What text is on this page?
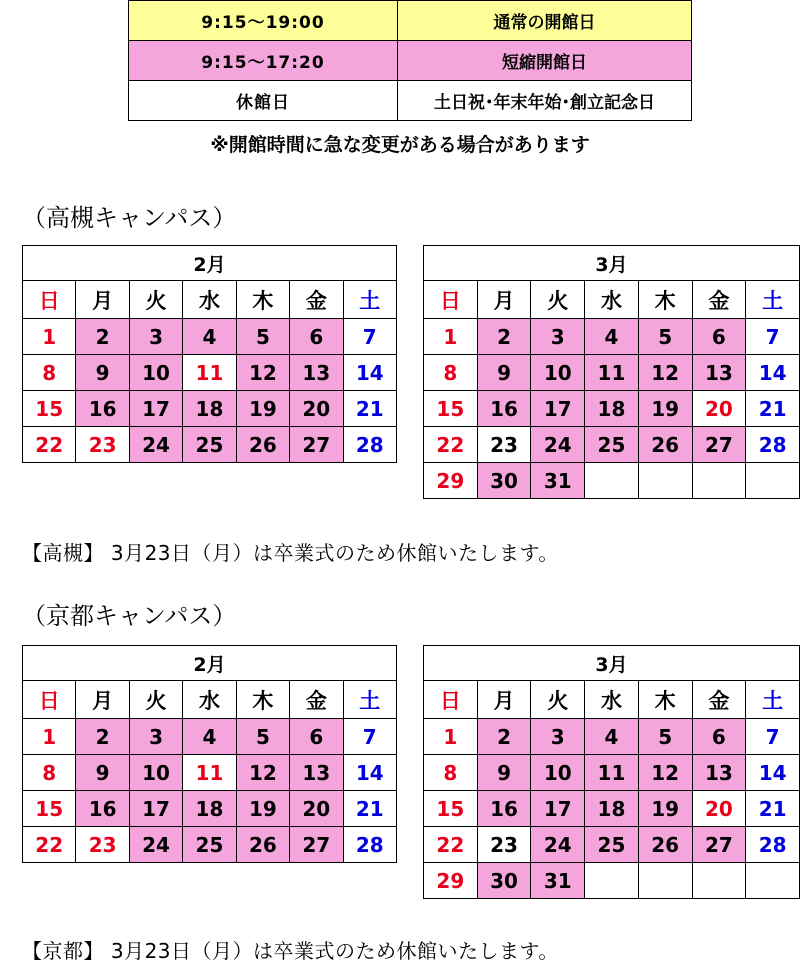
9:15〜19:00	通常の開館日
9:15〜17:20	短縮開館日
休館日	土日祝･年末年始･創立記念日
※開館時間に急な変更がある場合があります
（高槻キャンパス）
2月						
日	月	火	水	木	金	土
1	2	3	4	5	6	7
8	9	10	11	12	13	14
15	16	17	18	19	20	21
22	23	24	25	26	27	28
3月						
日	月	火	水	木	金	土
1	2	3	4	5	6	7
8	9	10	11	12	13	14
15	16	17	18	19	20	21
22	23	24	25	26	27	28
29	30	31				
【高槻】 3月23日（月）は卒業式のため休館いたします。
（京都キャンパス）
2月						
日	月	火	水	木	金	土
1	2	3	4	5	6	7
8	9	10	11	12	13	14
15	16	17	18	19	20	21
22	23	24	25	26	27	28
3月						
日	月	火	水	木	金	土
1	2	3	4	5	6	7
8	9	10	11	12	13	14
15	16	17	18	19	20	21
22	23	24	25	26	27	28
29	30	31				
【京都】 3月23日（月）は卒業式のため休館いたします。
